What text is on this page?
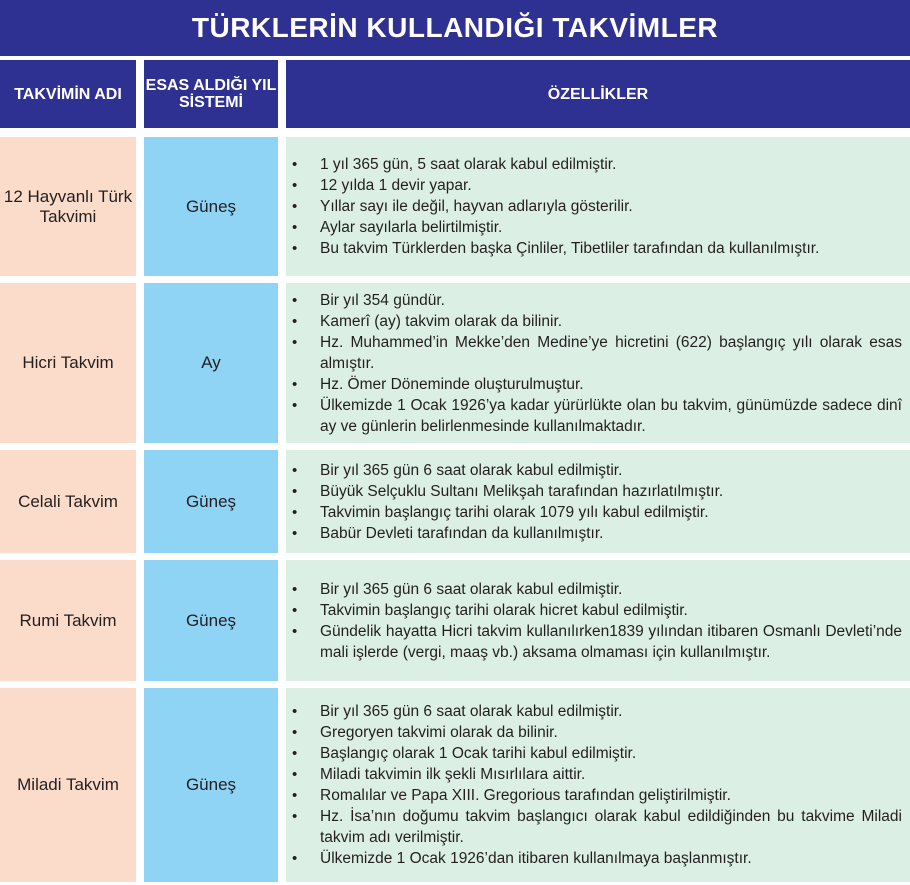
TÜRKLERİN KULLANDIĞI TAKVİMLER
TAKVİMİN ADI	ESAS ALDIĞI YIL SİSTEMİ	ÖZELLİKLER
12 Hayvanlı Türk Takvimi
Güneş
• 1 yıl 365 gün, 5 saat olarak kabul edilmiştir.
• 12 yılda 1 devir yapar.
• Yıllar sayı ile değil, hayvan adlarıyla gösterilir.
• Aylar sayılarla belirtilmiştir.
• Bu takvim Türklerden başka Çinliler, Tibetliler tarafından da kullanılmıştır.
Hicri Takvim	Ay
• Bir yıl 354 gündür.
• Kamerî (ay) takvim olarak da bilinir.
• Hz. Muhammed’in Mekke’den Medine’ye hicretini (622) başlangıç yılı olarak esas almıştır.
• Hz. Ömer Döneminde oluşturulmuştur.
• Ülkemizde 1 Ocak 1926’ya kadar yürürlükte olan bu takvim, günümüzde sadece dinî ay ve günlerin belirlenmesinde kullanılmaktadır.
Celali Takvim	Güneş
• Bir yıl 365 gün 6 saat olarak kabul edilmiştir.
• Büyük Selçuklu Sultanı Melikşah tarafından hazırlatılmıştır.
• Takvimin başlangıç tarihi olarak 1079 yılı kabul edilmiştir.
• Babür Devleti tarafından da kullanılmıştır.
Rumi Takvim	Güneş
• Bir yıl 365 gün 6 saat olarak kabul edilmiştir.
• Takvimin başlangıç tarihi olarak hicret kabul edilmiştir.
• Gündelik hayatta Hicri takvim kullanılırken1839 yılından itibaren Osmanlı Devleti’nde mali işlerde (vergi, maaş vb.) aksama olmaması için kullanılmıştır.
Miladi Takvim	Güneş
• Bir yıl 365 gün 6 saat olarak kabul edilmiştir.
• Gregoryen takvimi olarak da bilinir.
• Başlangıç olarak 1 Ocak tarihi kabul edilmiştir.
• Miladi takvimin ilk şekli Mısırlılara aittir.
• Romalılar ve Papa XIII. Gregorious tarafından geliştirilmiştir.
• Hz. İsa’nın doğumu takvim başlangıcı olarak kabul edildiğinden bu takvime Miladi takvim adı verilmiştir.
• Ülkemizde 1 Ocak 1926’dan itibaren kullanılmaya başlanmıştır.
